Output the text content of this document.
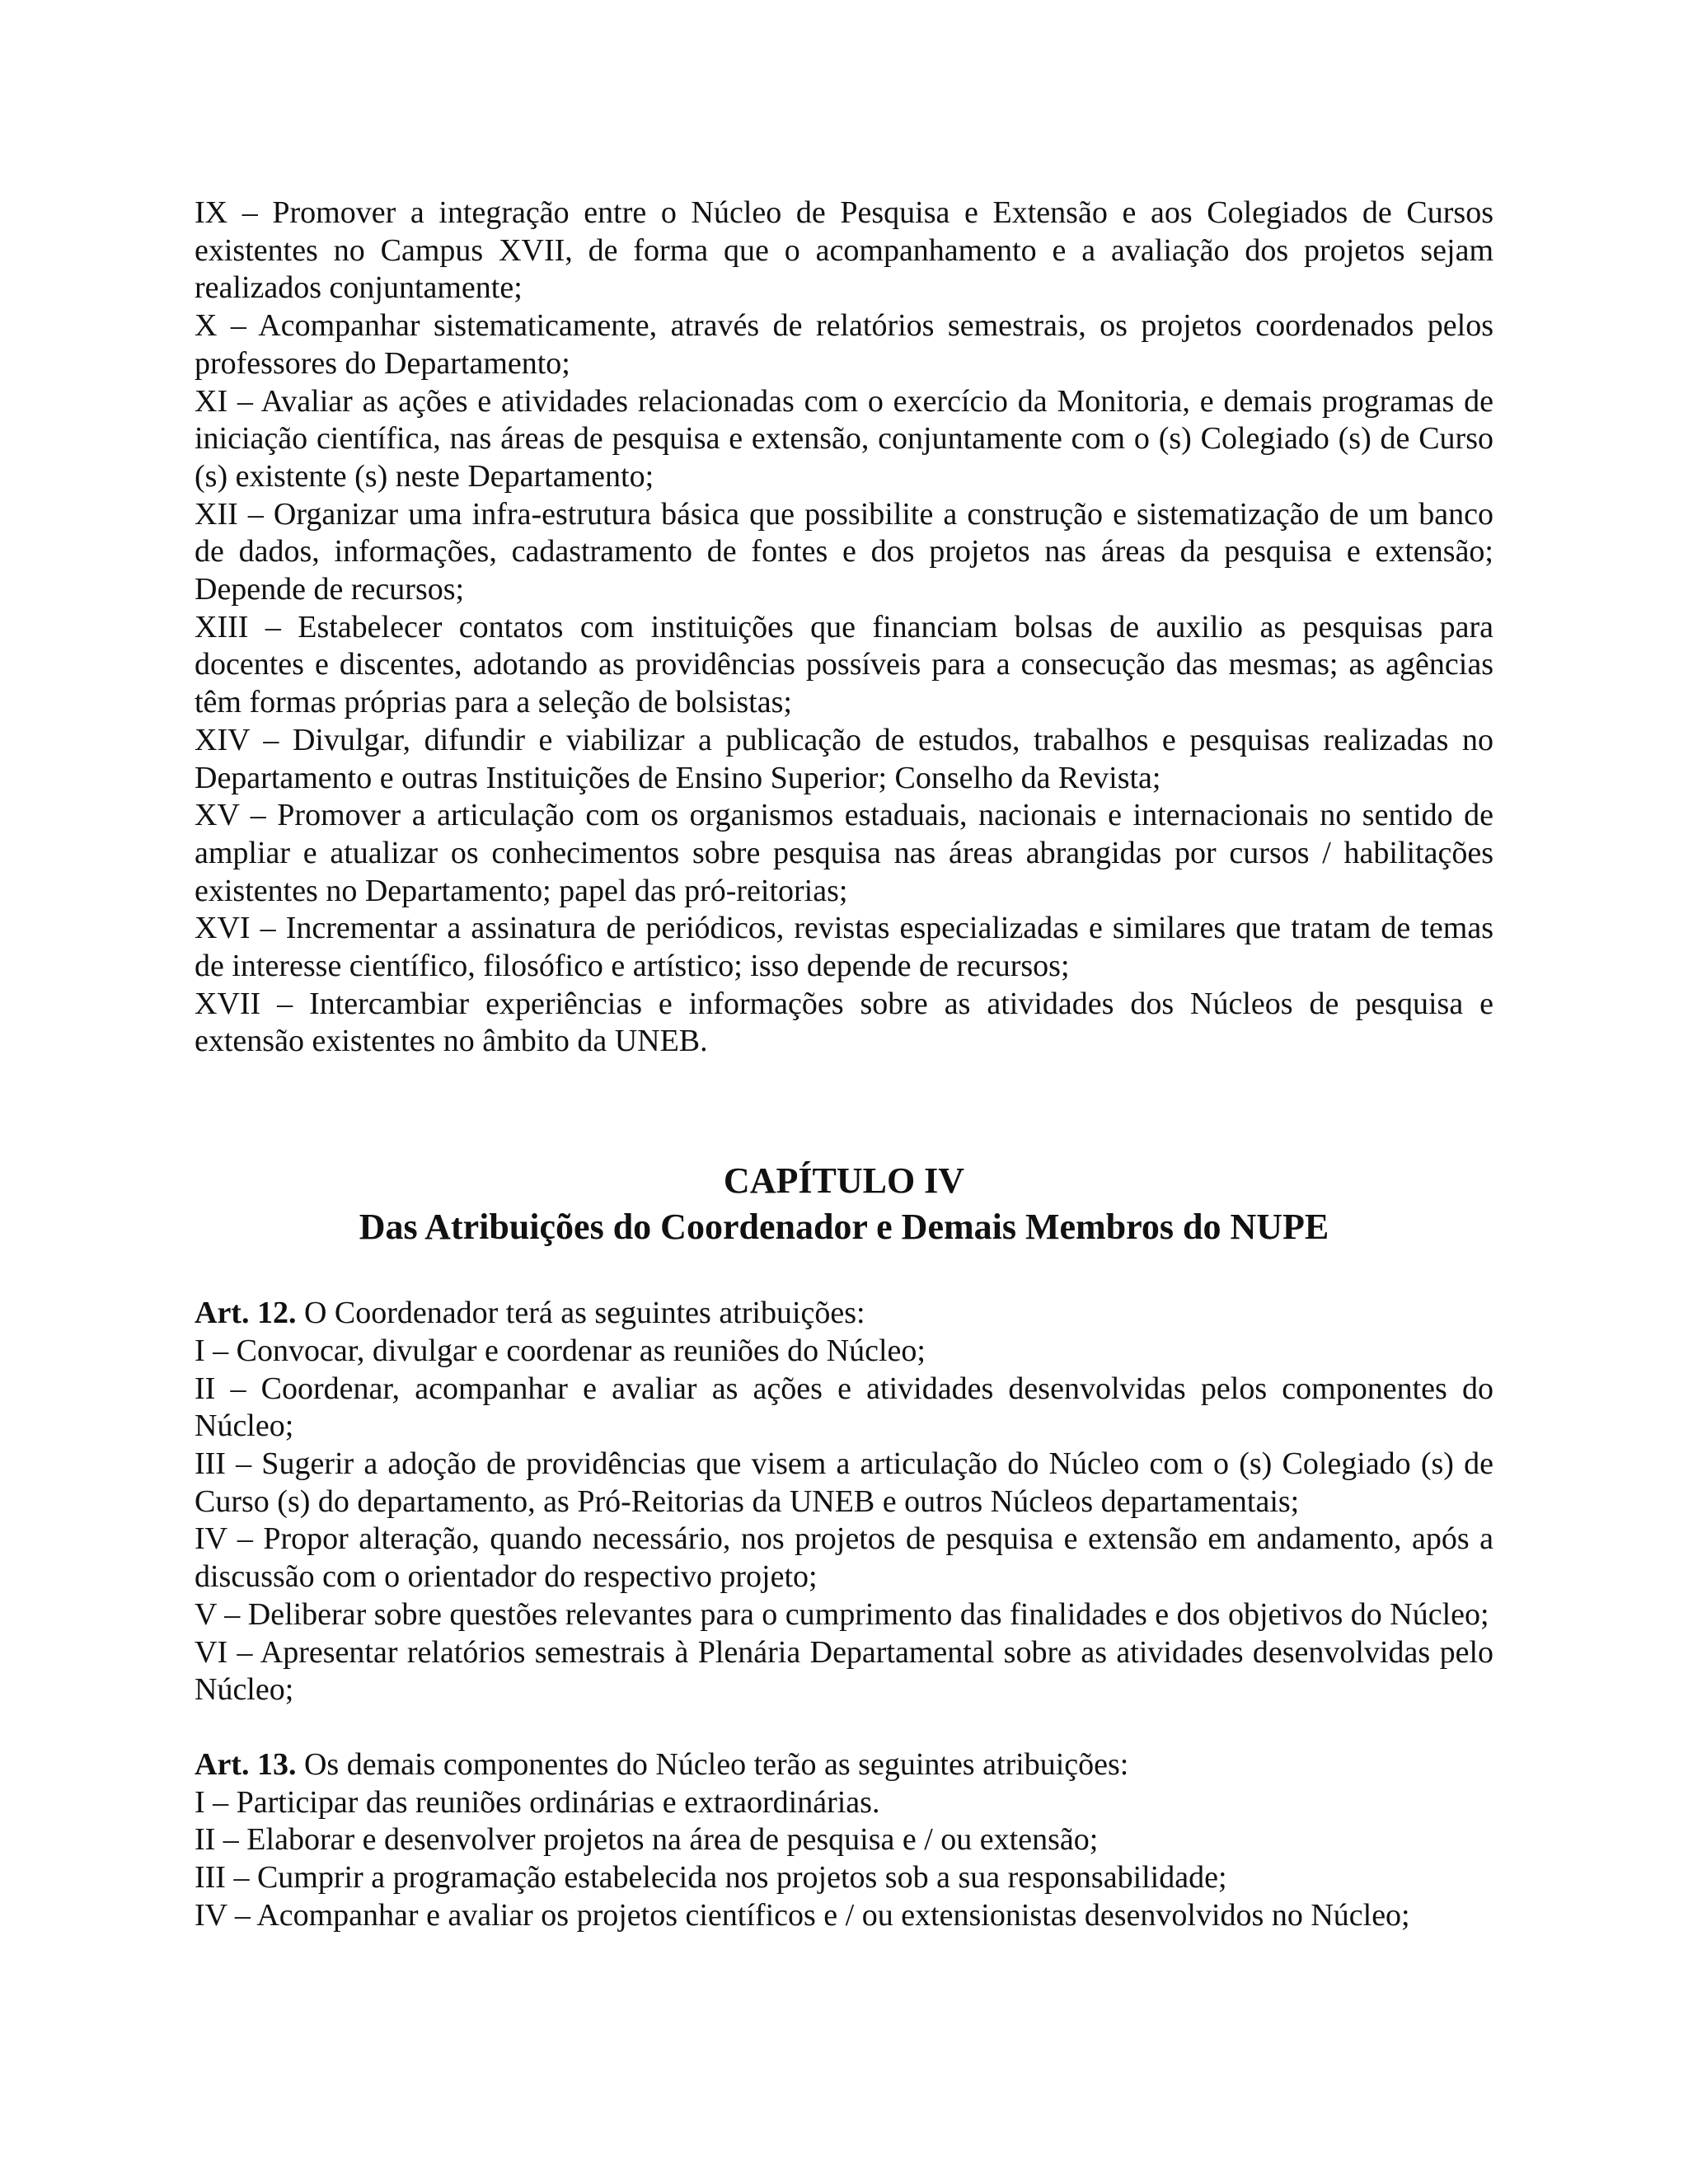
IX – Promover a integração entre o Núcleo de Pesquisa e Extensão e aos Colegiados de Cursos existentes no Campus XVII, de forma que o acompanhamento e a avaliação dos projetos sejam realizados conjuntamente;

X – Acompanhar sistematicamente, através de relatórios semestrais, os projetos coordenados pelos professores do Departamento;

XI – Avaliar as ações e atividades relacionadas com o exercício da Monitoria, e demais programas de iniciação científica, nas áreas de pesquisa e extensão, conjuntamente com o (s) Colegiado (s) de Curso (s) existente (s) neste Departamento;

XII – Organizar uma infra-estrutura básica que possibilite a construção e sistematização de um banco de dados, informações, cadastramento de fontes e dos projetos nas áreas da pesquisa e extensão; Depende de recursos;

XIII – Estabelecer contatos com instituições que financiam bolsas de auxilio as pesquisas para docentes e discentes, adotando as providências possíveis para a consecução das mesmas; as agências têm formas próprias para a seleção de bolsistas;

XIV – Divulgar, difundir e viabilizar a publicação de estudos, trabalhos e pesquisas realizadas no Departamento e outras Instituições de Ensino Superior; Conselho da Revista;

XV – Promover a articulação com os organismos estaduais, nacionais e internacionais no sentido de ampliar e atualizar os conhecimentos sobre pesquisa nas áreas abrangidas por cursos / habilitações existentes no Departamento; papel das pró-reitorias;

XVI – Incrementar a assinatura de periódicos, revistas especializadas e similares que tratam de temas de interesse científico, filosófico e artístico; isso depende de recursos;

XVII – Intercambiar experiências e informações sobre as atividades dos Núcleos de pesquisa e extensão existentes no âmbito da UNEB.

CAPÍTULO IV

Das Atribuições do Coordenador e Demais Membros do NUPE

Art. 12. O Coordenador terá as seguintes atribuições:

I – Convocar, divulgar e coordenar as reuniões do Núcleo;

II – Coordenar, acompanhar e avaliar as ações e atividades desenvolvidas pelos componentes do Núcleo;

III – Sugerir a adoção de providências que visem a articulação do Núcleo com o (s) Colegiado (s) de Curso (s) do departamento, as Pró-Reitorias da UNEB e outros Núcleos departamentais;

IV – Propor alteração, quando necessário, nos projetos de pesquisa e extensão em andamento, após a discussão com o orientador do respectivo projeto;

V – Deliberar sobre questões relevantes para o cumprimento das finalidades e dos objetivos do Núcleo;

VI – Apresentar relatórios semestrais à Plenária Departamental sobre as atividades desenvolvidas pelo Núcleo;

Art. 13. Os demais componentes do Núcleo terão as seguintes atribuições:

I – Participar das reuniões ordinárias e extraordinárias.

II – Elaborar e desenvolver projetos na área de pesquisa e / ou extensão;

III – Cumprir a programação estabelecida nos projetos sob a sua responsabilidade;

IV – Acompanhar e avaliar os projetos científicos e / ou extensionistas desenvolvidos no Núcleo;
